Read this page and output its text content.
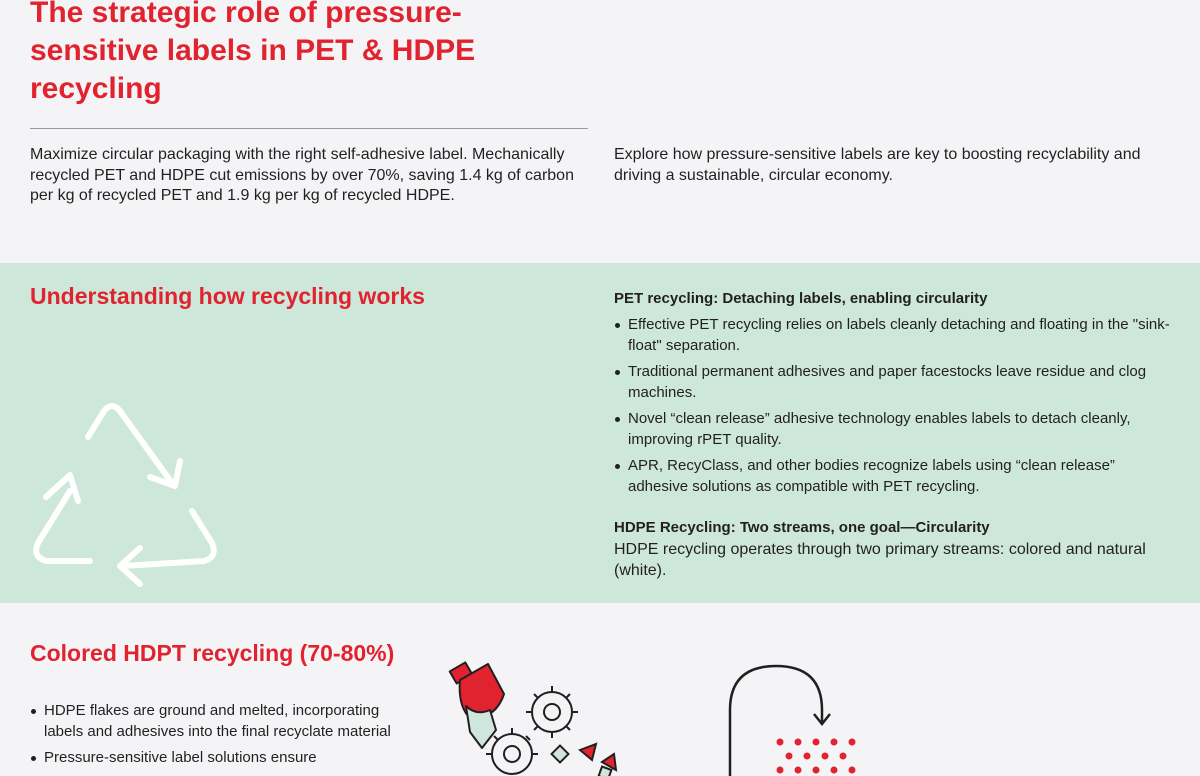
The strategic role of pressure-sensitive labels in PET & HDPE recycling

Maximize circular packaging with the right self-adhesive label. Mechanically recycled PET and HDPE cut emissions by over 70%, saving 1.4 kg of carbon per kg of recycled PET and 1.9 kg per kg of recycled HDPE.

Explore how pressure-sensitive labels are key to boosting recyclability and driving a sustainable, circular economy.

Understanding how recycling works	PET recycling: Detaching labels, enabling circularity
Effective PET recycling relies on labels cleanly detaching and floating in the "sink-float" separation.
Traditional permanent adhesives and paper facestocks leave residue and clog machines.
Novel “clean release” adhesive technology enables labels to detach cleanly, improving rPET quality.
APR, RecyClass, and other bodies recognize labels using “clean release” adhesive solutions as compatible with PET recycling.
HDPE Recycling: Two streams, one goal—Circularity

HDPE recycling operates through two primary streams: colored and natural (white).

Colored HDPT recycling (70-80%)
HDPE flakes are ground and melted, incorporating labels and adhesives into the final recyclate material
Pressure-sensitive label solutions ensure
